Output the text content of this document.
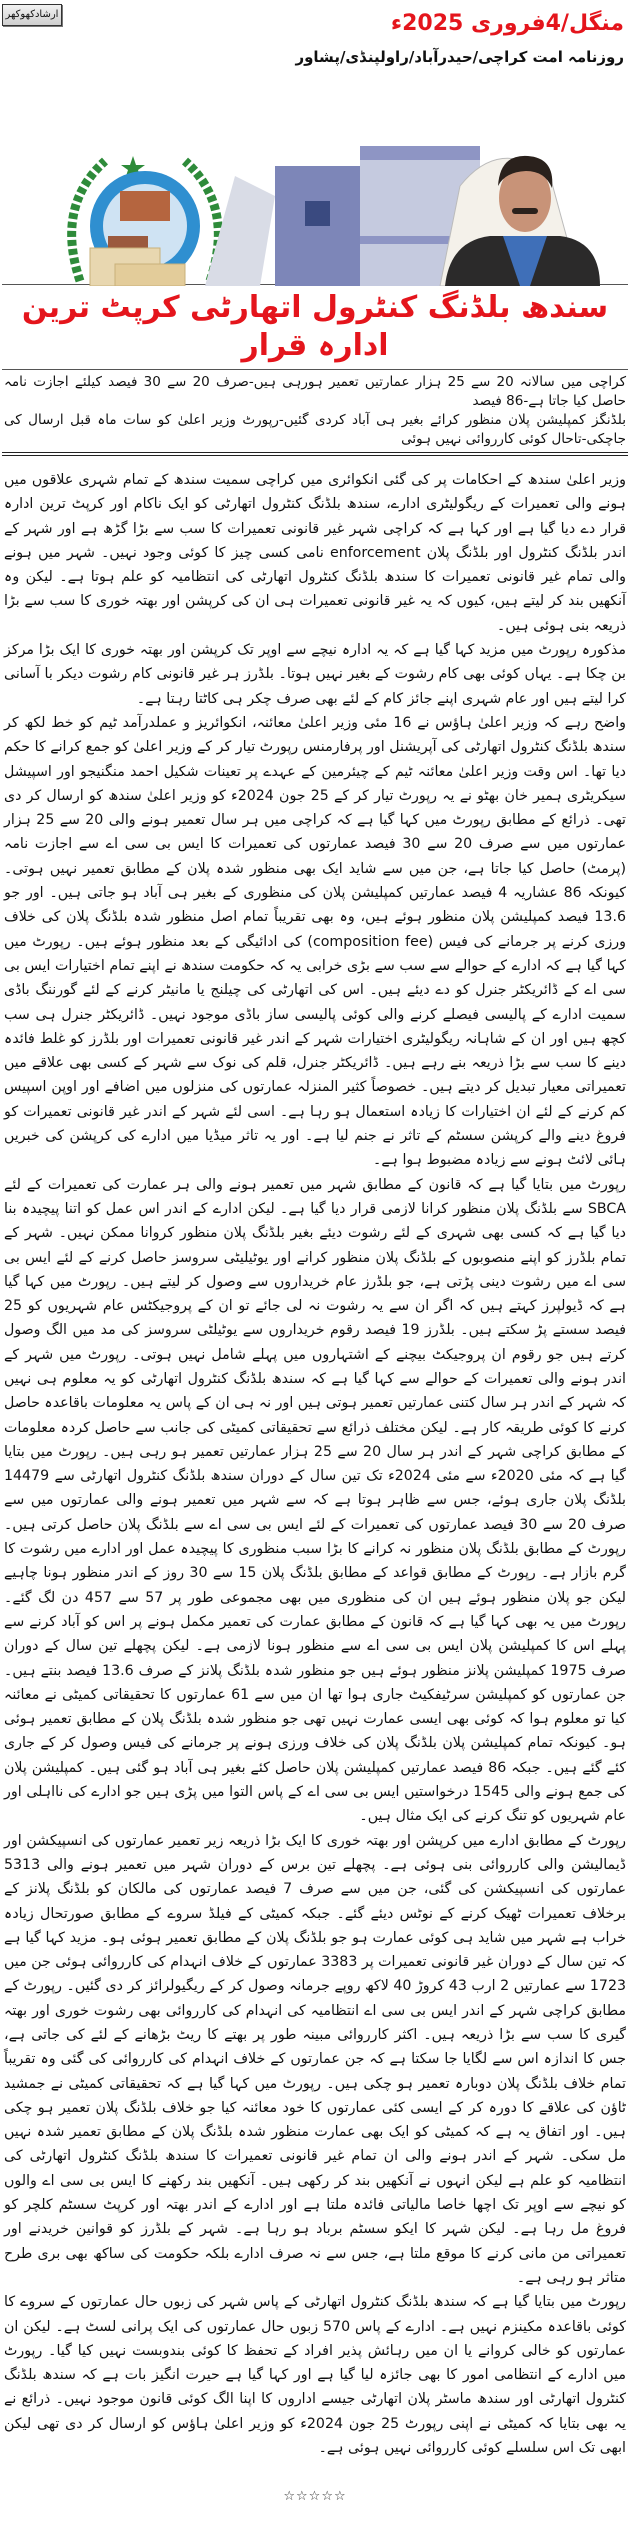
ارشادکھوکھر	منگل/4فروری 2025ء
روزنامہ امت کراچی/حیدرآباد/راولپنڈی/پشاور
سندھ بلڈنگ کنٹرول اتھارٹی کرپٹ ترین ادارہ قرار
کراچی میں سالانہ 20 سے 25 ہزار عمارتیں تعمیر ہورہی ہیں-صرف 20 سے 30 فیصد کیلئے اجازت نامہ حاصل کیا جاتا ہے-86 فیصد
بلڈنگز کمپلیشن پلان منظور کرائے بغیر ہی آباد کردی گئیں-رپورٹ وزیر اعلیٰ کو سات ماہ قبل ارسال کی جاچکی-تاحال کوئی کارروائی نہیں ہوئی

وزیر اعلیٰ سندھ کے احکامات پر کی گئی انکوائری میں کراچی سمیت سندھ کے تمام شہری علاقوں میں ہونے والی تعمیرات کے ریگولیٹری ادارے، سندھ بلڈنگ کنٹرول اتھارٹی کو ایک ناکام اور کرپٹ ترین ادارہ قرار دے دیا گیا ہے اور کہا ہے کہ کراچی شہر غیر قانونی تعمیرات کا سب سے بڑا گڑھ ہے اور شہر کے اندر بلڈنگ کنٹرول اور بلڈنگ پلان enforcement نامی کسی چیز کا کوئی وجود نہیں۔ شہر میں ہونے والی تمام غیر قانونی تعمیرات کا سندھ بلڈنگ کنٹرول اتھارٹی کی انتظامیہ کو علم ہوتا ہے۔ لیکن وہ آنکھیں بند کر لیتے ہیں، کیوں کہ یہ غیر قانونی تعمیرات ہی ان کی کرپشن اور بھتہ خوری کا سب سے بڑا ذریعہ بنی ہوئی ہیں۔

مذکورہ رپورٹ میں مزید کہا گیا ہے کہ یہ ادارہ نیچے سے اوپر تک کرپشن اور بھتہ خوری کا ایک بڑا مرکز بن چکا ہے۔ یہاں کوئی بھی کام رشوت کے بغیر نہیں ہوتا۔ بلڈرز ہر غیر قانونی کام رشوت دیکر با آسانی کرا لیتے ہیں اور عام شہری اپنے جائز کام کے لئے بھی صرف چکر ہی کاٹتا رہتا ہے۔

واضح رہے کہ وزیر اعلیٰ ہاؤس نے 16 مئی وزیر اعلیٰ معائنہ، انکوائریز و عملدرآمد ٹیم کو خط لکھ کر سندھ بلڈنگ کنٹرول اتھارٹی کی آپریشنل اور پرفارمنس رپورٹ تیار کر کے وزیر اعلیٰ کو جمع کرانے کا حکم دیا تھا۔ اس وقت وزیر اعلیٰ معائنہ ٹیم کے چیئرمین کے عہدے پر تعینات شکیل احمد منگنیجو اور اسپیشل سیکریٹری ہمیر خان بھٹو نے یہ رپورٹ تیار کر کے 25 جون 2024ء کو وزیر اعلیٰ سندھ کو ارسال کر دی تھی۔ ذرائع کے مطابق رپورٹ میں کہا گیا ہے کہ کراچی میں ہر سال تعمیر ہونے والی 20 سے 25 ہزار عمارتوں میں سے صرف 20 سے 30 فیصد عمارتوں کی تعمیرات کا ایس بی سی اے سے اجازت نامہ (پرمٹ) حاصل کیا جاتا ہے، جن میں سے شاید ایک بھی منظور شدہ پلان کے مطابق تعمیر نہیں ہوتی۔ کیونکہ 86 عشاریہ 4 فیصد عمارتیں کمپلیشن پلان کی منظوری کے بغیر ہی آباد ہو جاتی ہیں۔ اور جو 13.6 فیصد کمپلیشن پلان منظور ہوئے ہیں، وہ بھی تقریباً تمام اصل منظور شدہ بلڈنگ پلان کی خلاف ورزی کرنے پر جرمانے کی فیس (composition fee) کی ادائیگی کے بعد منظور ہوئے ہیں۔ رپورٹ میں کہا گیا ہے کہ ادارے کے حوالے سے سب سے بڑی خرابی یہ کہ حکومت سندھ نے اپنے تمام اختیارات ایس بی سی اے کے ڈائریکٹر جنرل کو دے دیئے ہیں۔ اس کی اتھارٹی کی چیلنج یا مانیٹر کرنے کے لئے گورننگ باڈی سمیت ادارے کے پالیسی فیصلے کرنے والی کوئی پالیسی ساز باڈی موجود نہیں۔ ڈائریکٹر جنرل ہی سب کچھ ہیں اور ان کے شاہانہ ریگولیٹری اختیارات شہر کے اندر غیر قانونی تعمیرات اور بلڈرز کو غلط فائدہ دینے کا سب سے بڑا ذریعہ بنے رہے ہیں۔ ڈائریکٹر جنرل، قلم کی نوک سے شہر کے کسی بھی علاقے میں تعمیراتی معیار تبدیل کر دیتے ہیں۔ خصوصاً کثیر المنزلہ عمارتوں کی منزلوں میں اضافے اور اوپن اسپیس کم کرنے کے لئے ان اختیارات کا زیادہ استعمال ہو رہا ہے۔ اسی لئے شہر کے اندر غیر قانونی تعمیرات کو فروغ دینے والے کرپشن سسٹم کے تاثر نے جنم لیا ہے۔ اور یہ تاثر میڈیا میں ادارے کی کرپشن کی خبریں ہائی لائٹ ہونے سے زیادہ مضبوط ہوا ہے۔

رپورٹ میں بتایا گیا ہے کہ قانون کے مطابق شہر میں تعمیر ہونے والی ہر عمارت کی تعمیرات کے لئے SBCA سے بلڈنگ پلان منظور کرانا لازمی قرار دیا گیا ہے۔ لیکن ادارے کے اندر اس عمل کو اتنا پیچیدہ بنا دیا گیا ہے کہ کسی بھی شہری کے لئے رشوت دیئے بغیر بلڈنگ پلان منظور کروانا ممکن نہیں۔ شہر کے تمام بلڈرز کو اپنے منصوبوں کے بلڈنگ پلان منظور کرانے اور یوٹیلیٹی سروسز حاصل کرنے کے لئے ایس بی سی اے میں رشوت دینی پڑتی ہے، جو بلڈرز عام خریداروں سے وصول کر لیتے ہیں۔ رپورٹ میں کہا گیا ہے کہ ڈیولپرز کہتے ہیں کہ اگر ان سے یہ رشوت نہ لی جائے تو ان کے پروجیکٹس عام شہریوں کو 25 فیصد سستے پڑ سکتے ہیں۔ بلڈرز 19 فیصد رقوم خریداروں سے یوٹیلٹی سروسز کی مد میں الگ وصول کرتے ہیں جو رقوم ان پروجیکٹ بیچنے کے اشتہاروں میں پہلے شامل نہیں ہوتی۔ رپورٹ میں شہر کے اندر ہونے والی تعمیرات کے حوالے سے کہا گیا ہے کہ سندھ بلڈنگ کنٹرول اتھارٹی کو یہ معلوم ہی نہیں کہ شہر کے اندر ہر سال کتنی عمارتیں تعمیر ہوتی ہیں اور نہ ہی ان کے پاس یہ معلومات باقاعدہ حاصل کرنے کا کوئی طریقہ کار ہے۔ لیکن مختلف ذرائع سے تحقیقاتی کمیٹی کی جانب سے حاصل کردہ معلومات کے مطابق کراچی شہر کے اندر ہر سال 20 سے 25 ہزار عمارتیں تعمیر ہو رہی ہیں۔ رپورٹ میں بتایا گیا ہے کہ مئی 2020ء سے مئی 2024ء تک تین سال کے دوران سندھ بلڈنگ کنٹرول اتھارٹی سے 14479 بلڈنگ پلان جاری ہوئے، جس سے ظاہر ہوتا ہے کہ سے شہر میں تعمیر ہونے والی عمارتوں میں سے صرف 20 سے 30 فیصد عمارتوں کی تعمیرات کے لئے ایس بی سی اے سے بلڈنگ پلان حاصل کرتی ہیں۔ رپورٹ کے مطابق بلڈنگ پلان منظور نہ کرانے کا بڑا سبب منظوری کا پیچیدہ عمل اور ادارے میں رشوت کا گرم بازار ہے۔ رپورٹ کے مطابق قواعد کے مطابق بلڈنگ پلان 15 سے 30 روز کے اندر منظور ہونا چاہیے لیکن جو پلان منظور ہوئے ہیں ان کی منظوری میں بھی مجموعی طور پر 57 سے 457 دن لگ گئے۔ رپورٹ میں یہ بھی کہا گیا ہے کہ قانون کے مطابق عمارت کی تعمیر مکمل ہونے پر اس کو آباد کرنے سے پہلے اس کا کمپلیشن پلان ایس بی سی اے سے منظور ہونا لازمی ہے۔ لیکن پچھلے تین سال کے دوران صرف 1975 کمپلیشن پلانز منظور ہوئے ہیں جو منظور شدہ بلڈنگ پلانز کے صرف 13.6 فیصد بنتے ہیں۔ جن عمارتوں کو کمپلیشن سرٹیفکیٹ جاری ہوا تھا ان میں سے 61 عمارتوں کا تحقیقاتی کمیٹی نے معائنہ کیا تو معلوم ہوا کہ کوئی بھی ایسی عمارت نہیں تھی جو منظور شدہ بلڈنگ پلان کے مطابق تعمیر ہوئی ہو۔ کیونکہ تمام کمپلیشن پلان بلڈنگ پلان کی خلاف ورزی ہونے پر جرمانے کی فیس وصول کر کے جاری کئے گئے ہیں۔ جبکہ 86 فیصد عمارتیں کمپلیشن پلان حاصل کئے بغیر ہی آباد ہو گئی ہیں۔ کمپلیشن پلان کی جمع ہونے والی 1545 درخواستیں ایس بی سی اے کے پاس التوا میں پڑی ہیں جو ادارے کی نااہلی اور عام شہریوں کو تنگ کرنے کی ایک مثال ہیں۔

رپورٹ کے مطابق ادارے میں کرپشن اور بھتہ خوری کا ایک بڑا ذریعہ زیر تعمیر عمارتوں کی انسپیکشن اور ڈیمالیشن والی کارروائی بنی ہوئی ہے۔ پچھلے تین برس کے دوران شہر میں تعمیر ہونے والی 5313 عمارتوں کی انسپیکشن کی گئی، جن میں سے صرف 7 فیصد عمارتوں کی مالکان کو بلڈنگ پلانز کے برخلاف تعمیرات ٹھیک کرنے کے نوٹس دیئے گئے۔ جبکہ کمیٹی کے فیلڈ سروے کے مطابق صورتحال زیادہ خراب ہے شہر میں شاید ہی کوئی عمارت ہو جو بلڈنگ پلان کے مطابق تعمیر ہوئی ہو۔ مزید کہا گیا ہے کہ تین سال کے دوران غیر قانونی تعمیرات پر 3383 عمارتوں کے خلاف انہدام کی کارروائی ہوئی جن میں 1723 سے عمارتیں 2 ارب 43 کروڑ 40 لاکھ روپے جرمانہ وصول کر کے ریگیولرائز کر دی گئیں۔ رپورٹ کے مطابق کراچی شہر کے اندر ایس بی سی اے انتظامیہ کی انہدام کی کارروائی بھی رشوت خوری اور بھتہ گیری کا سب سے بڑا ذریعہ ہیں۔ اکثر کارروائی مبینہ طور پر بھتے کا ریٹ بڑھانے کے لئے کی جاتی ہے، جس کا اندازہ اس سے لگایا جا سکتا ہے کہ جن عمارتوں کے خلاف انہدام کی کارروائی کی گئی وہ تقریباً تمام خلاف بلڈنگ پلان دوبارہ تعمیر ہو چکی ہیں۔ رپورٹ میں کہا گیا ہے کہ تحقیقاتی کمیٹی نے جمشید ٹاؤن کی علاقے کا دورہ کر کے ایسی کئی عمارتوں کا خود معائنہ کیا جو خلاف بلڈنگ پلان تعمیر ہو چکی ہیں۔ اور اتفاق یہ ہے کہ کمیٹی کو ایک بھی عمارت منظور شدہ بلڈنگ پلان کے مطابق تعمیر شدہ نہیں مل سکی۔ شہر کے اندر ہونے والی ان تمام غیر قانونی تعمیرات کا سندھ بلڈنگ کنٹرول اتھارٹی کی انتظامیہ کو علم ہے لیکن انہوں نے آنکھیں بند کر رکھی ہیں۔ آنکھیں بند رکھنے کا ایس بی سی اے والوں کو نیچے سے اوپر تک اچھا خاصا مالیاتی فائدہ ملتا ہے اور ادارے کے اندر بھتہ اور کرپٹ سسٹم کلچر کو فروغ مل رہا ہے۔ لیکن شہر کا ایکو سسٹم برباد ہو رہا ہے۔ شہر کے بلڈرز کو قوانین خریدنے اور تعمیراتی من مانی کرنے کا موقع ملتا ہے، جس سے نہ صرف ادارے بلکہ حکومت کی ساکھ بھی بری طرح متاثر ہو رہی ہے۔

رپورٹ میں بتایا گیا ہے کہ سندھ بلڈنگ کنٹرول اتھارٹی کے پاس شہر کی زبوں حال عمارتوں کے سروے کا کوئی باقاعدہ مکینزم نہیں ہے۔ ادارے کے پاس 570 زبوں حال عمارتوں کی ایک پرانی لسٹ ہے۔ لیکن ان عمارتوں کو خالی کروانے یا ان میں رہائش پذیر افراد کے تحفظ کا کوئی بندوبست نہیں کیا گیا۔ رپورٹ میں ادارے کے انتظامی امور کا بھی جائزہ لیا گیا ہے اور کہا گیا ہے حیرت انگیز بات ہے کہ سندھ بلڈنگ کنٹرول اتھارٹی اور سندھ ماسٹر پلان اتھارٹی جیسے اداروں کا اپنا الگ کوئی قانون موجود نہیں۔ ذرائع نے یہ بھی بتایا کہ کمیٹی نے اپنی رپورٹ 25 جون 2024ء کو وزیر اعلیٰ ہاؤس کو ارسال کر دی تھی لیکن ابھی تک اس سلسلے کوئی کارروائی نہیں ہوئی ہے۔

☆☆☆☆☆
